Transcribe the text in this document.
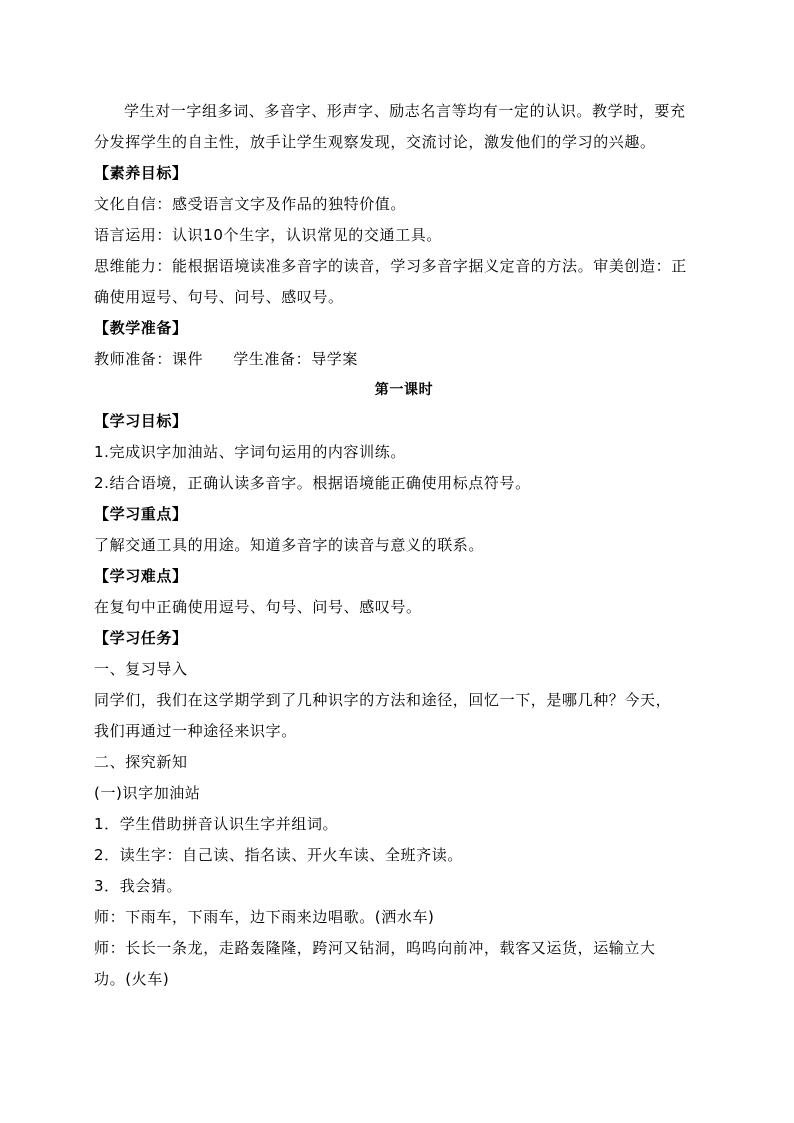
学生对一字组多词、多音字、形声字、励志名言等均有一定的认识。教学时，要充
分发挥学生的自主性，放手让学生观察发现，交流讨论，激发他们的学习的兴趣。
【素养目标】
文化自信：感受语言文字及作品的独特价值。
语言运用：认识10个生字，认识常见的交通工具。
思维能力：能根据语境读准多音字的读音，学习多音字据义定音的方法。审美创造：正
确使用逗号、句号、问号、感叹号。
【教学准备】
教师准备：课件 学生准备：导学案
第一课时
【学习目标】
1.完成识字加油站、字词句运用的内容训练。
2.结合语境，正确认读多音字。根据语境能正确使用标点符号。
【学习重点】
了解交通工具的用途。知道多音字的读音与意义的联系。
【学习难点】
在复句中正确使用逗号、句号、问号、感叹号。
【学习任务】
一、复习导入
同学们，我们在这学期学到了几种识字的方法和途径，回忆一下，是哪几种？今天，
我们再通过一种途径来识字。
二、探究新知
(一)识字加油站
1．学生借助拼音认识生字并组词。
2．读生字：自己读、指名读、开火车读、全班齐读。
3．我会猜。
师：下雨车，下雨车，边下雨来边唱歌。(洒水车)
师：长长一条龙，走路轰隆隆，跨河又钻洞，呜呜向前冲，载客又运货，运输立大
功。(火车)
